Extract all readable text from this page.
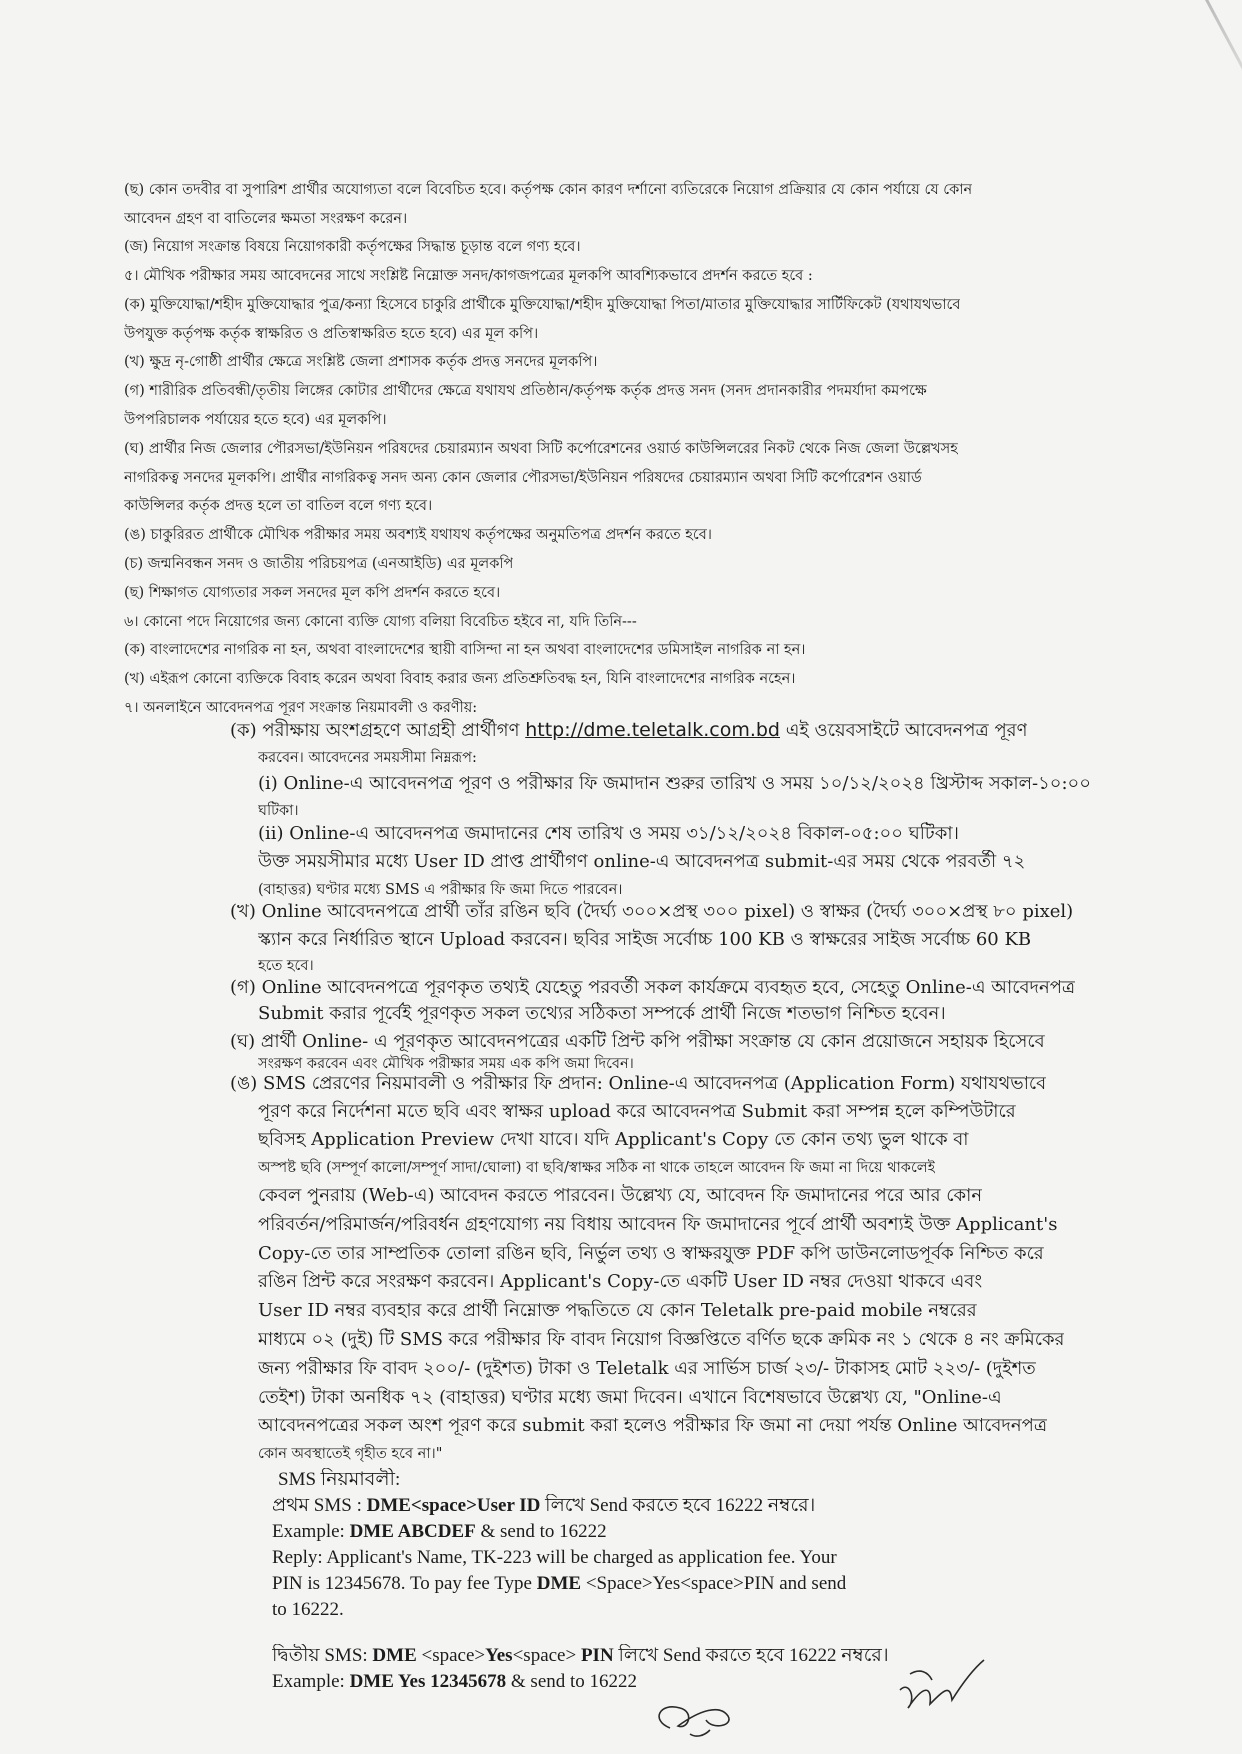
(ছ) কোন তদবীর বা সুপারিশ প্রার্থীর অযোগ্যতা বলে বিবেচিত হবে। কর্তৃপক্ষ কোন কারণ দর্শানো ব্যতিরেকে নিয়োগ প্রক্রিয়ার যে কোন পর্যায়ে যে কোন
আবেদন গ্রহণ বা বাতিলের ক্ষমতা সংরক্ষণ করেন।
(জ) নিয়োগ সংক্রান্ত বিষয়ে নিয়োগকারী কর্তৃপক্ষের সিদ্ধান্ত চূড়ান্ত বলে গণ্য হবে।
৫। মৌখিক পরীক্ষার সময় আবেদনের সাথে সংশ্লিষ্ট নিম্নোক্ত সনদ/কাগজপত্রের মূলকপি আবশ্যিকভাবে প্রদর্শন করতে হবে :
(ক) মুক্তিযোদ্ধা/শহীদ মুক্তিযোদ্ধার পুত্র/কন্যা হিসেবে চাকুরি প্রার্থীকে মুক্তিযোদ্ধা/শহীদ মুক্তিযোদ্ধা পিতা/মাতার মুক্তিযোদ্ধার সার্টিফিকেট (যথাযথভাবে
উপযুক্ত কর্তৃপক্ষ কর্তৃক স্বাক্ষরিত ও প্রতিস্বাক্ষরিত হতে হবে) এর মূল কপি।
(খ) ক্ষুদ্র নৃ-গোষ্ঠী প্রার্থীর ক্ষেত্রে সংশ্লিষ্ট জেলা প্রশাসক কর্তৃক প্রদত্ত সনদের মূলকপি।
(গ) শারীরিক প্রতিবন্ধী/তৃতীয় লিঙ্গের কোটার প্রার্থীদের ক্ষেত্রে যথাযথ প্রতিষ্ঠান/কর্তৃপক্ষ কর্তৃক প্রদত্ত সনদ (সনদ প্রদানকারীর পদমর্যাদা কমপক্ষে
উপপরিচালক পর্যায়ের হতে হবে) এর মূলকপি।
(ঘ) প্রার্থীর নিজ জেলার পৌরসভা/ইউনিয়ন পরিষদের চেয়ারম্যান অথবা সিটি কর্পোরেশনের ওয়ার্ড কাউন্সিলরের নিকট থেকে নিজ জেলা উল্লেখসহ
নাগরিকত্ব সনদের মূলকপি। প্রার্থীর নাগরিকত্ব সনদ অন্য কোন জেলার পৌরসভা/ইউনিয়ন পরিষদের চেয়ারম্যান অথবা সিটি কর্পোরেশন ওয়ার্ড
কাউন্সিলর কর্তৃক প্রদত্ত হলে তা বাতিল বলে গণ্য হবে।
(ঙ) চাকুরিরত প্রার্থীকে মৌখিক পরীক্ষার সময় অবশ্যই যথাযথ কর্তৃপক্ষের অনুমতিপত্র প্রদর্শন করতে হবে।
(চ) জন্মনিবন্ধন সনদ ও জাতীয় পরিচয়পত্র (এনআইডি) এর মূলকপি
(ছ) শিক্ষাগত যোগ্যতার সকল সনদের মূল কপি প্রদর্শন করতে হবে।
৬। কোনো পদে নিয়োগের জন্য কোনো ব্যক্তি যোগ্য বলিয়া বিবেচিত হইবে না, যদি তিনি---
(ক) বাংলাদেশের নাগরিক না হন, অথবা বাংলাদেশের স্থায়ী বাসিন্দা না হন অথবা বাংলাদেশের ডমিসাইল নাগরিক না হন।
(খ) এইরূপ কোনো ব্যক্তিকে বিবাহ করেন অথবা বিবাহ করার জন্য প্রতিশ্রুতিবদ্ধ হন, যিনি বাংলাদেশের নাগরিক নহেন।
৭। অনলাইনে আবেদনপত্র পূরণ সংক্রান্ত নিয়মাবলী ও করণীয়:
(ক) পরীক্ষায় অংশগ্রহণে আগ্রহী প্রার্থীগণ http://dme.teletalk.com.bd এই ওয়েবসাইটে আবেদনপত্র পূরণ
করবেন। আবেদনের সময়সীমা নিম্নরূপ:
(i) Online-এ আবেদনপত্র পূরণ ও পরীক্ষার ফি জমাদান শুরুর তারিখ ও সময় ১০/১২/২০২৪ খ্রিস্টাব্দ সকাল-১০:০০
ঘটিকা।
(ii) Online-এ আবেদনপত্র জমাদানের শেষ তারিখ ও সময় ৩১/১২/২০২৪ বিকাল-০৫:০০ ঘটিকা।
উক্ত সময়সীমার মধ্যে User ID প্রাপ্ত প্রার্থীগণ online-এ আবেদনপত্র submit-এর সময় থেকে পরবর্তী ৭২
(বাহাত্তর) ঘণ্টার মধ্যে SMS এ পরীক্ষার ফি জমা দিতে পারবেন।
(খ) Online আবেদনপত্রে প্রার্থী তাঁর রঙিন ছবি (দৈর্ঘ্য ৩০০×প্রস্থ ৩০০ pixel) ও স্বাক্ষর (দৈর্ঘ্য ৩০০×প্রস্থ ৮০ pixel)
স্ক্যান করে নির্ধারিত স্থানে Upload করবেন। ছবির সাইজ সর্বোচ্চ 100 KB ও স্বাক্ষরের সাইজ সর্বোচ্চ 60 KB
হতে হবে।
(গ) Online আবেদনপত্রে পূরণকৃত তথ্যই যেহেতু পরবর্তী সকল কার্যক্রমে ব্যবহৃত হবে, সেহেতু Online-এ আবেদনপত্র
Submit করার পূর্বেই পূরণকৃত সকল তথ্যের সঠিকতা সম্পর্কে প্রার্থী নিজে শতভাগ নিশ্চিত হবেন।
(ঘ) প্রার্থী Online- এ পূরণকৃত আবেদনপত্রের একটি প্রিন্ট কপি পরীক্ষা সংক্রান্ত যে কোন প্রয়োজনে সহায়ক হিসেবে
সংরক্ষণ করবেন এবং মৌখিক পরীক্ষার সময় এক কপি জমা দিবেন।
(ঙ) SMS প্রেরণের নিয়মাবলী ও পরীক্ষার ফি প্রদান: Online-এ আবেদনপত্র (Application Form) যথাযথভাবে
পূরণ করে নির্দেশনা মতে ছবি এবং স্বাক্ষর upload করে আবেদনপত্র Submit করা সম্পন্ন হলে কম্পিউটারে
ছবিসহ Application Preview দেখা যাবে। যদি Applicant's Copy তে কোন তথ্য ভুল থাকে বা
অস্পষ্ট ছবি (সম্পূর্ণ কালো/সম্পূর্ণ সাদা/ঘোলা) বা ছবি/স্বাক্ষর সঠিক না থাকে তাহলে আবেদন ফি জমা না দিয়ে থাকলেই
কেবল পুনরায় (Web-এ) আবেদন করতে পারবেন। উল্লেখ্য যে, আবেদন ফি জমাদানের পরে আর কোন
পরিবর্তন/পরিমার্জন/পরিবর্ধন গ্রহণযোগ্য নয় বিধায় আবেদন ফি জমাদানের পূর্বে প্রার্থী অবশ্যই উক্ত Applicant's
Copy-তে তার সাম্প্রতিক তোলা রঙিন ছবি, নির্ভুল তথ্য ও স্বাক্ষরযুক্ত PDF কপি ডাউনলোডপূর্বক নিশ্চিত করে
রঙিন প্রিন্ট করে সংরক্ষণ করবেন। Applicant's Copy-তে একটি User ID নম্বর দেওয়া থাকবে এবং
User ID নম্বর ব্যবহার করে প্রার্থী নিম্নোক্ত পদ্ধতিতে যে কোন Teletalk pre-paid mobile নম্বরের
মাধ্যমে ০২ (দুই) টি SMS করে পরীক্ষার ফি বাবদ নিয়োগ বিজ্ঞপ্তিতে বর্ণিত ছকে ক্রমিক নং ১ থেকে ৪ নং ক্রমিকের
জন্য পরীক্ষার ফি বাবদ ২০০/- (দুইশত) টাকা ও Teletalk এর সার্ভিস চার্জ ২৩/- টাকাসহ মোট ২২৩/- (দুইশত
তেইশ) টাকা অনধিক ৭২ (বাহাত্তর) ঘণ্টার মধ্যে জমা দিবেন। এখানে বিশেষভাবে উল্লেখ্য যে, "Online-এ
আবেদনপত্রের সকল অংশ পূরণ করে submit করা হলেও পরীক্ষার ফি জমা না দেয়া পর্যন্ত Online আবেদনপত্র
কোন অবস্থাতেই গৃহীত হবে না।"
SMS নিয়মাবলী:
প্রথম SMS : DME<space>User ID লিখে Send করতে হবে 16222 নম্বরে।
Example: DME ABCDEF & send to 16222
Reply: Applicant's Name, TK-223 will be charged as application fee. Your
PIN is 12345678. To pay fee Type DME <Space>Yes<space>PIN and send
to 16222.
দ্বিতীয় SMS: DME <space>Yes<space> PIN লিখে Send করতে হবে 16222 নম্বরে।
Example: DME Yes 12345678 & send to 16222
